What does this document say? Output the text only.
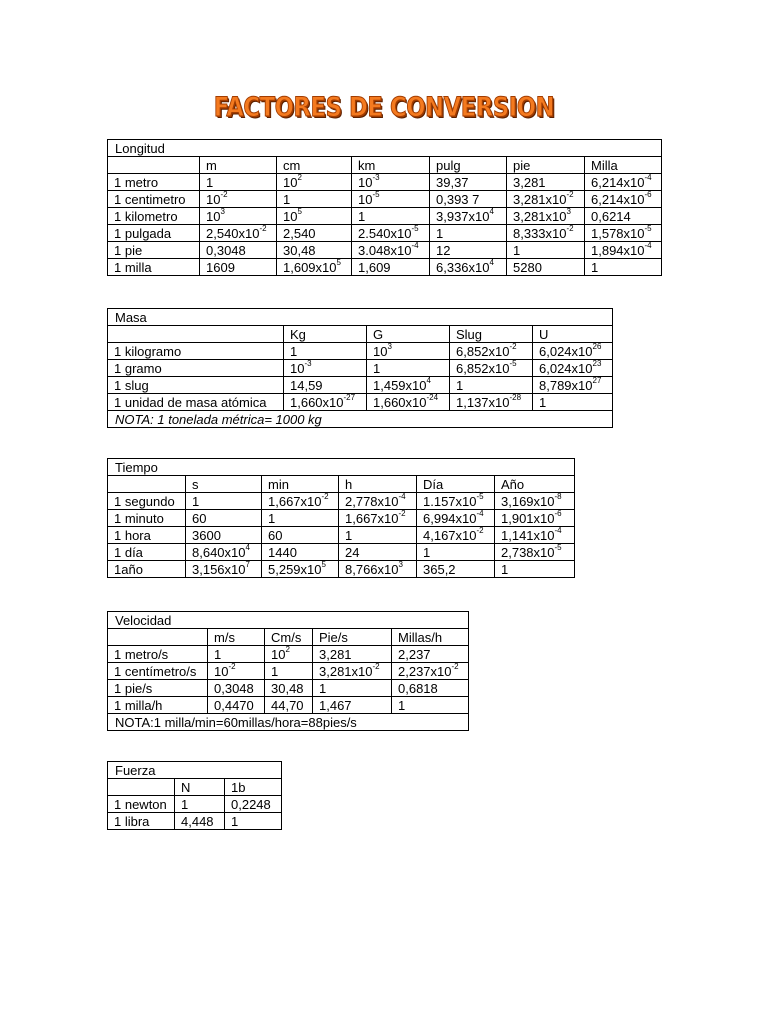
FACTORES DE CONVERSION
Longitud						
	m	cm	km	pulg	pie	Milla
1 metro	1	$10^2$	$10^{-3}$	39,37	3,281	$6,214x10^{-4}$
1 centimetro	$10^{-2}$	1	$10^{-5}$	0,393 7	$3,281x10^{-2}$	$6,214x10^{-6}$
1 kilometro	$10^3$	$10^5$	1	$3,937x10^4$	$3,281x10^3$	0,6214
1 pulgada	$2,540x10^{-2}$	2,540	$2.540x10^{-5}$	1	$8,333x10^{-2}$	$1,578x10^{-5}$
1 pie	0,3048	30,48	$3.048x10^{-4}$	12	1	$1,894x10^{-4}$
1 milla	1609	$1,609x10^5$	1,609	$6,336x10^4$	5280	1
Masa				
	Kg	G	Slug	U
1 kilogramo	1	$10^3$	$6,852x10^{-2}$	$6,024x10^{26}$
1 gramo	$10^{-3}$	1	$6,852x10^{-5}$	$6,024x10^{23}$
1 slug	14,59	$1,459x10^4$	1	$8,789x10^{27}$
1 unidad de masa atómica	$1,660x10^{-27}$	$1,660x10^{-24}$	$1,137x10^{-28}$	1
NOTA: 1 tonelada métrica= 1000 kg				
Tiempo					
	s	min	h	Día	Año
1 segundo	1	$1,667x10^{-2}$	$2,778x10^{-4}$	$1.157x10^{-5}$	$3,169x10^{-8}$
1 minuto	60	1	$1,667x10^{-2}$	$6,994x10^{-4}$	$1,901x10^{-6}$
1 hora	3600	60	1	$4,167x10^{-2}$	$1,141x10^{-4}$
1 día	$8,640x10^4$	1440	24	1	$2,738x10^{-5}$
1año	$3,156x10^7$	$5,259x10^5$	$8,766x10^3$	365,2	1
Velocidad				
	m/s	Cm/s	Pie/s	Millas/h
1 metro/s	1	$10^2$	3,281	2,237
1 centímetro/s	$10^{-2}$	1	$3,281x10^{-2}$	$2,237x10^{-2}$
1 pie/s	0,3048	30,48	1	0,6818
1 milla/h	0,4470	44,70	1,467	1
NOTA:1 milla/min=60millas/hora=88pies/s				
Fuerza		
	N	1b
1 newton	1	0,2248
1 libra	4,448	1
